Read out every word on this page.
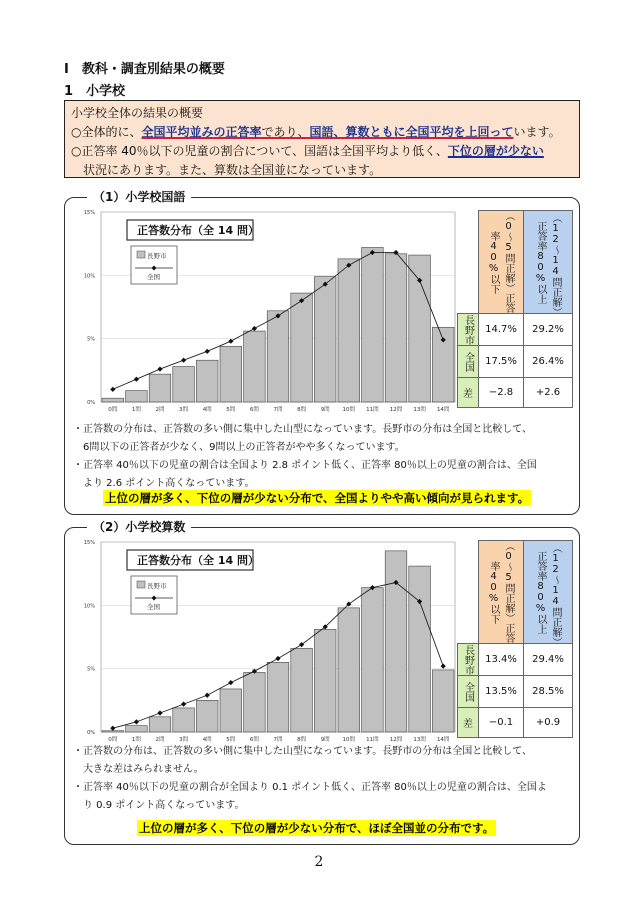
Ⅰ　教科・調査別結果の概要
1　小学校
小学校全体の結果の概要
○全体的に、全国平均並みの正答率であり、国語、算数ともに全国平均を上回っています。
○正答率 40％以下の児童の割合について、国語は全国平均より低く、下位の層が少ない
状況にあります。また、算数は全国並になっています。
（1）小学校国語
0%
5%
10%
15%
0問	1問	2問	3問	4問	5問	6問	7問	8問	9問 10問 11問 12問 13問 14問
正答数分布（全 14 問）
長野市
全国

	（0～5問正解）正答率40%以下	（12～14問正解）正答率80%以上

長野市	14.7%	29.2%

全国	17.5%	26.4%
差	−2.8	+2.6
・正答数の分布は、正答数の多い側に集中した山型になっています。長野市の分布は全国と比較して、
　6問以下の正答者が少なく、9問以上の正答者がやや多くなっています。
・正答率 40％以下の児童の割合は全国より 2.8 ポイント低く、正答率 80％以上の児童の割合は、全国
　より 2.6 ポイント高くなっています。
上位の層が多く、下位の層が少ない分布で、全国よりやや高い傾向が見られます。
（2）小学校算数
0%
5%
10%
15%
0問	1問	2問	3問	4問	5問	6問	7問	8問	9問 10問 11問 12問 13問 14問
正答数分布（全 14 問）
長野市
全国

	（0～5問正解）正答率40%以下	（12～14問正解）正答率80%以上

長野市	13.4%	29.4%

全国	13.5%	28.5%
差	−0.1	+0.9
・正答数の分布は、正答数の多い側に集中した山型になっています。長野市の分布は全国と比較して、
　大きな差はみられません。
・正答率 40％以下の児童の割合が全国より 0.1 ポイント低く、正答率 80％以上の児童の割合は、全国よ
　り 0.9 ポイント高くなっています。
上位の層が多く、下位の層が少ない分布で、ほぼ全国並の分布です。
2
